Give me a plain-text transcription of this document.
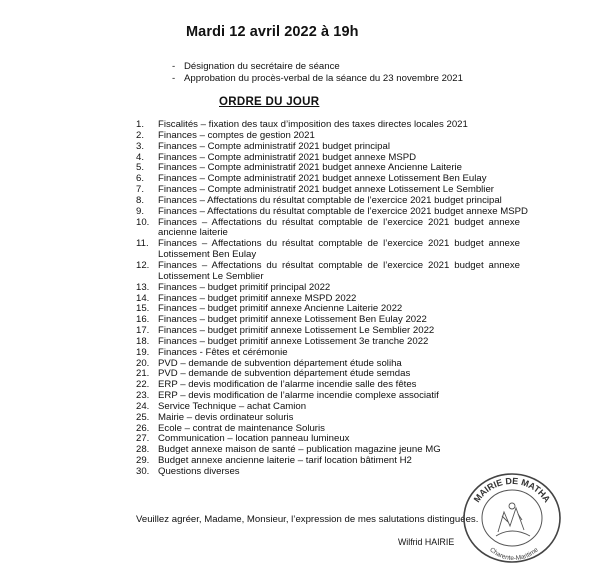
Mardi 12 avril 2022 à 19h
- Désignation du secrétaire de séance
- Approbation du procès-verbal de la séance du 23 novembre 2021
ORDRE DU JOUR
1.	Fiscalités – fixation des taux d’imposition des taxes directes locales 2021
2.	Finances – comptes de gestion 2021
3.	Finances – Compte administratif 2021 budget principal
4.	Finances – Compte administratif 2021 budget annexe MSPD
5.	Finances – Compte administratif 2021 budget annexe Ancienne Laiterie
6.	Finances – Compte administratif 2021 budget annexe Lotissement Ben Eulay
7.	Finances – Compte administratif 2021 budget annexe Lotissement Le Semblier
8.	Finances – Affectations du résultat comptable de l’exercice 2021 budget principal
9.	Finances – Affectations du résultat comptable de l’exercice 2021 budget annexe MSPD
10. Finances – Affectations du résultat comptable de l’exercice 2021 budget annexe ancienne laiterie
11. Finances – Affectations du résultat comptable de l’exercice 2021 budget annexe Lotissement Ben Eulay
12. Finances – Affectations du résultat comptable de l’exercice 2021 budget annexe Lotissement Le Semblier
13. Finances – budget primitif principal 2022
14. Finances – budget primitif annexe MSPD 2022
15. Finances – budget primitif annexe Ancienne Laiterie 2022
16. Finances – budget primitif annexe Lotissement Ben Eulay 2022
17. Finances – budget primitif annexe Lotissement Le Semblier 2022
18. Finances – budget primitif annexe Lotissement 3e tranche 2022
19. Finances - Fêtes et cérémonie
20. PVD – demande de subvention département étude soliha
21. PVD – demande de subvention département étude semdas
22. ERP – devis modification de l’alarme incendie salle des fêtes
23. ERP – devis modification de l’alarme incendie complexe associatif
24. Service Technique – achat Camion
25. Mairie – devis ordinateur soluris
26. Ecole – contrat de maintenance Soluris
27. Communication – location panneau lumineux
28. Budget annexe maison de santé – publication magazine jeune MG
29. Budget annexe ancienne laiterie – tarif location bâtiment H2
30. Questions diverses
Veuillez agréer, Madame, Monsieur, l’expression de mes salutations distinguées.
Wilfrid HAIRIE
MAIRIE DE MATHA
Charente-Maritime
